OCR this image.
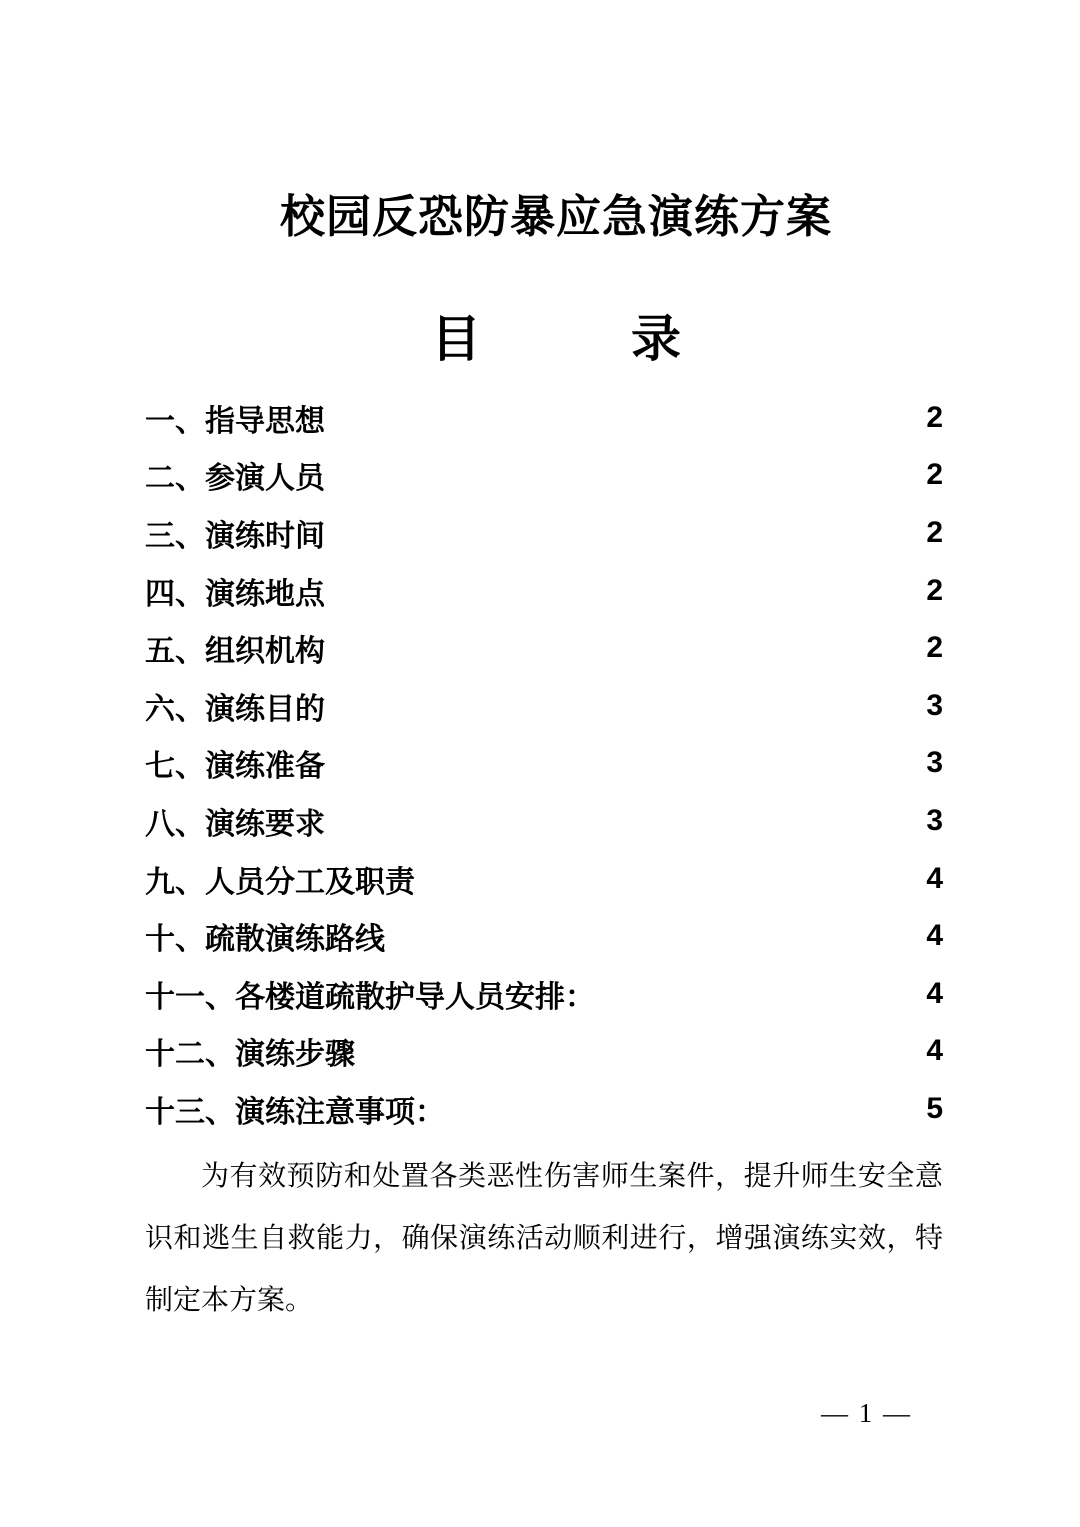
校园反恐防暴应急演练方案
目　　　录
一、指导思想	2
二、参演人员	2
三、演练时间	2
四、演练地点	2
五、组织机构	2
六、演练目的	3
七、演练准备	3
八、演练要求	3
九、人员分工及职责	4
十、疏散演练路线	4
十一、各楼道疏散护导人员安排：	4
十二、演练步骤	4
十三、演练注意事项：	5

为有效预防和处置各类恶性伤害师生案件，提升师生安全意识和逃生自救能力，确保演练活动顺利进行，增强演练实效，特制定本方案。

— 1 —
